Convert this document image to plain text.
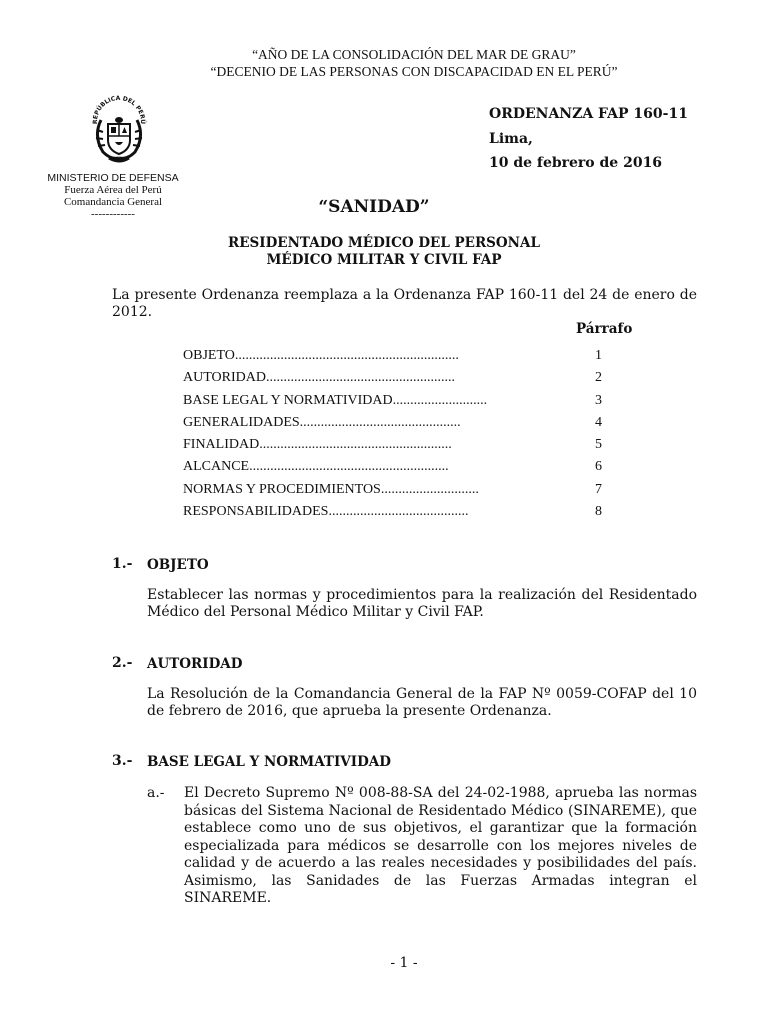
“AÑO DE LA CONSOLIDACIÓN DEL MAR DE GRAU”
“DECENIO DE LAS PERSONAS CON DISCAPACIDAD EN EL PERÚ”
REPÚBLICA DEL PERÚ
MINISTERIO DE DEFENSA
Fuerza Aérea del Perú
Comandancia General
------------
ORDENANZA FAP 160-11
Lima,
10 de febrero de 2016
“SANIDAD”
RESIDENTADO MÉDICO DEL PERSONAL
MÉDICO MILITAR Y CIVIL FAP
La presente Ordenanza reemplaza a la Ordenanza FAP 160-11 del 24 de enero de 2012.
Párrafo
OBJETO................................................................	1
AUTORIDAD......................................................	2
BASE LEGAL Y NORMATIVIDAD...........................	3
GENERALIDADES..............................................	4
FINALIDAD.......................................................	5
ALCANCE.........................................................	6
NORMAS Y PROCEDIMIENTOS............................	7
RESPONSABILIDADES........................................	8
1.- OBJETO
Establecer las normas y procedimientos para la realización del Residentado Médico del Personal Médico Militar y Civil FAP.
2.- AUTORIDAD
La Resolución de la Comandancia General de la FAP Nº 0059-COFAP del 10 de febrero de 2016, que aprueba la presente Ordenanza.
3.- BASE LEGAL Y NORMATIVIDAD
a.- El Decreto Supremo Nº 008-88-SA del 24-02-1988, aprueba las normas básicas del Sistema Nacional de Residentado Médico (SINAREME), que establece como uno de sus objetivos, el garantizar que la formación especializada para médicos se desarrolle con los mejores niveles de calidad y de acuerdo a las reales necesidades y posibilidades del país. Asimismo, las Sanidades de las Fuerzas Armadas integran el SINAREME.
- 1 -
